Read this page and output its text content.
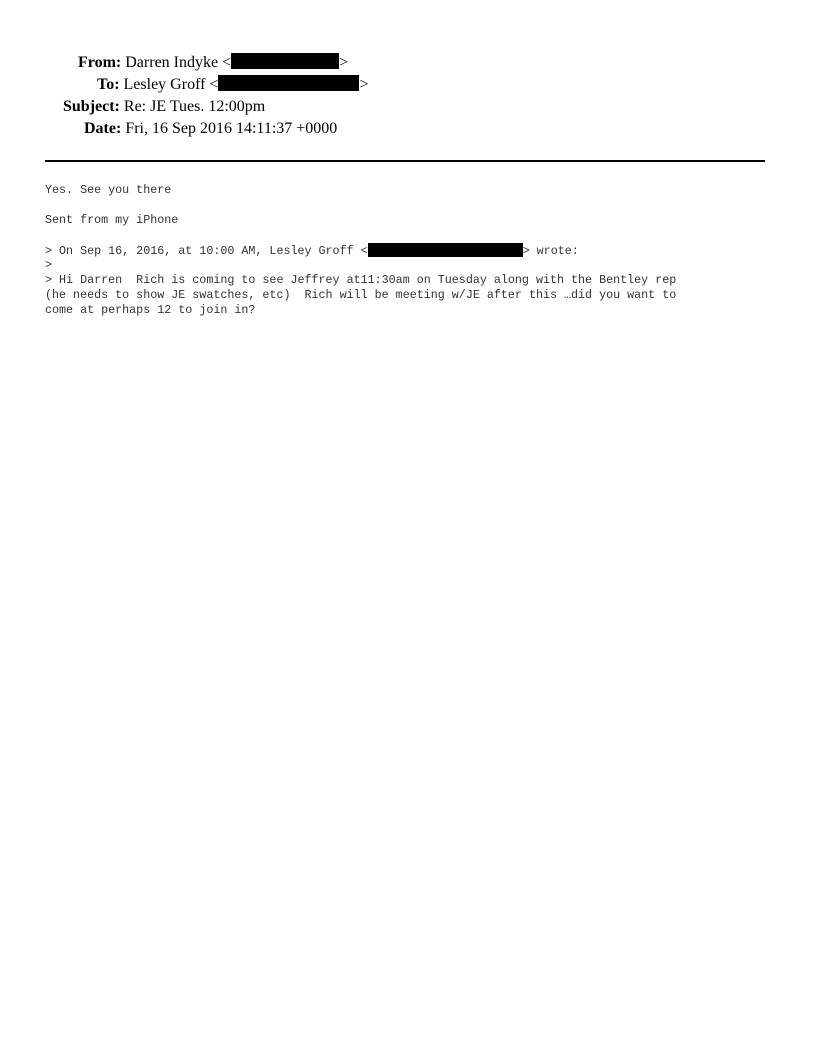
From: Darren Indyke <	>
To: Lesley Groff <	>
Subject: Re: JE Tues. 12:00pm
Date: Fri, 16 Sep 2016 14:11:37 +0000
Yes. See you there
Sent from my iPhone
> On Sep 16, 2016, at 10:00 AM, Lesley Groff <	> wrote:
>
> Hi Darren  Rich is coming to see Jeffrey at11:30am on Tuesday along with the Bentley rep
(he needs to show JE swatches, etc)  Rich will be meeting w/JE after this …did you want to
come at perhaps 12 to join in?
